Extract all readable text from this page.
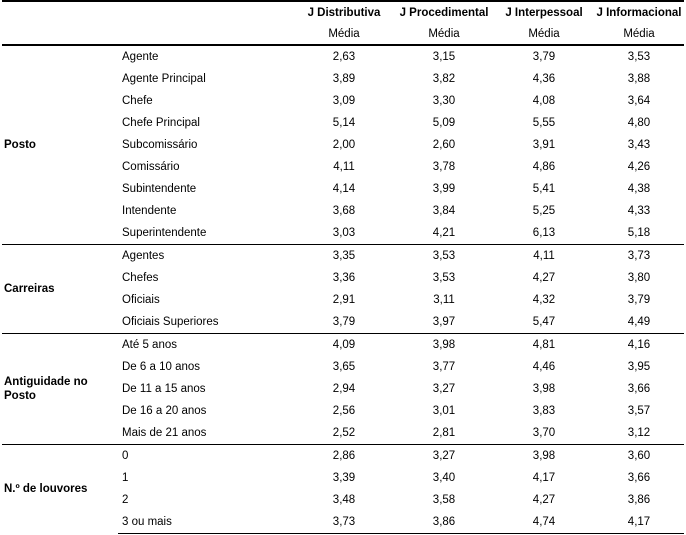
		J Distributiva	J Procedimental	J Interpessoal	J Informacional
		Média	Média	Média	Média
Posto	Agente	2,63	3,15	3,79	3,53
	Agente Principal	3,89	3,82	4,36	3,88
	Chefe	3,09	3,30	4,08	3,64
	Chefe Principal	5,14	5,09	5,55	4,80
	Subcomissário	2,00	2,60	3,91	3,43
	Comissário	4,11	3,78	4,86	4,26
	Subintendente	4,14	3,99	5,41	4,38
	Intendente	3,68	3,84	5,25	4,33
	Superintendente	3,03	4,21	6,13	5,18
Carreiras	Agentes	3,35	3,53	4,11	3,73
	Chefes	3,36	3,53	4,27	3,80
	Oficiais	2,91	3,11	4,32	3,79
	Oficiais Superiores	3,79	3,97	5,47	4,49
Antiguidade no Posto	Até 5 anos	4,09	3,98	4,81	4,16
	De 6 a 10 anos	3,65	3,77	4,46	3,95
	De 11 a 15 anos	2,94	3,27	3,98	3,66
	De 16 a 20 anos	2,56	3,01	3,83	3,57
	Mais de 21 anos	2,52	2,81	3,70	3,12
N.º de louvores	0	2,86	3,27	3,98	3,60
	1	3,39	3,40	4,17	3,66
	2	3,48	3,58	4,27	3,86
	3 ou mais	3,73	3,86	4,74	4,17
